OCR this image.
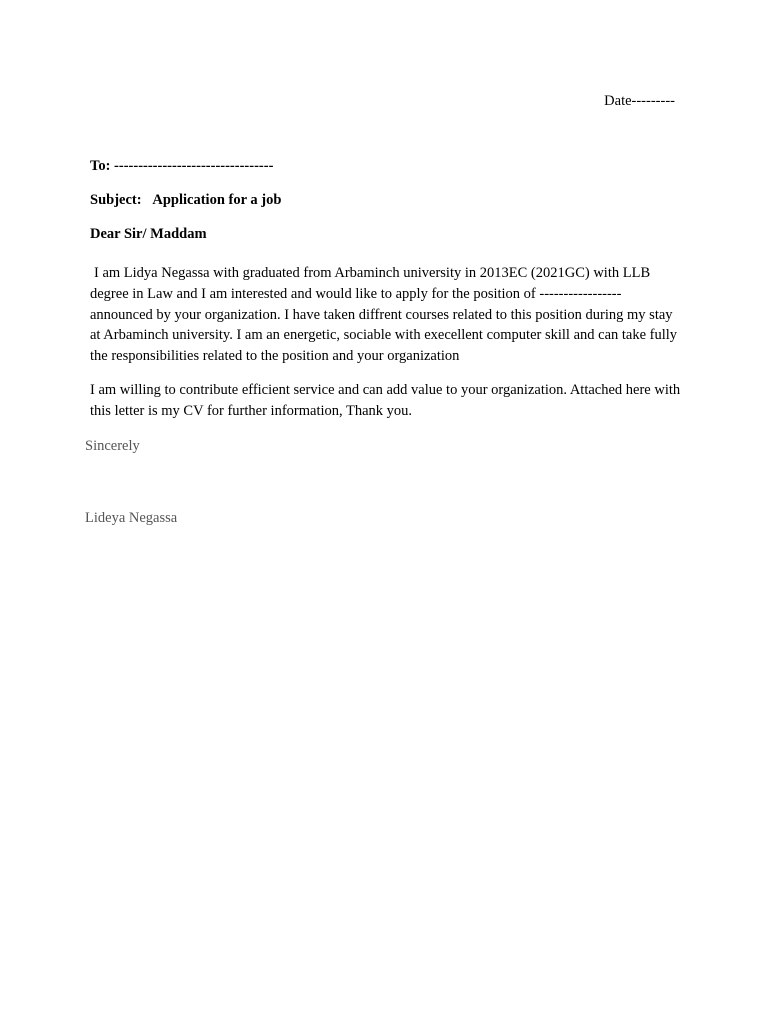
Date---------
To: ---------------------------------
Subject: Application for a job
Dear Sir/ Maddam

I am Lidya Negassa with graduated from Arbaminch university in 2013EC (2021GC) with LLB degree in Law and I am interested and would like to apply for the position of ----------------- announced by your organization. I have taken diffrent courses related to this position during my stay at Arbaminch university. I am an energetic, sociable with execellent computer skill and can take fully the responsibilities related to the position and your organization

I am willing to contribute efficient service and can add value to your organization. Attached here with this letter is my CV for further information, Thank you.

Sincerely
Lideya Negassa
